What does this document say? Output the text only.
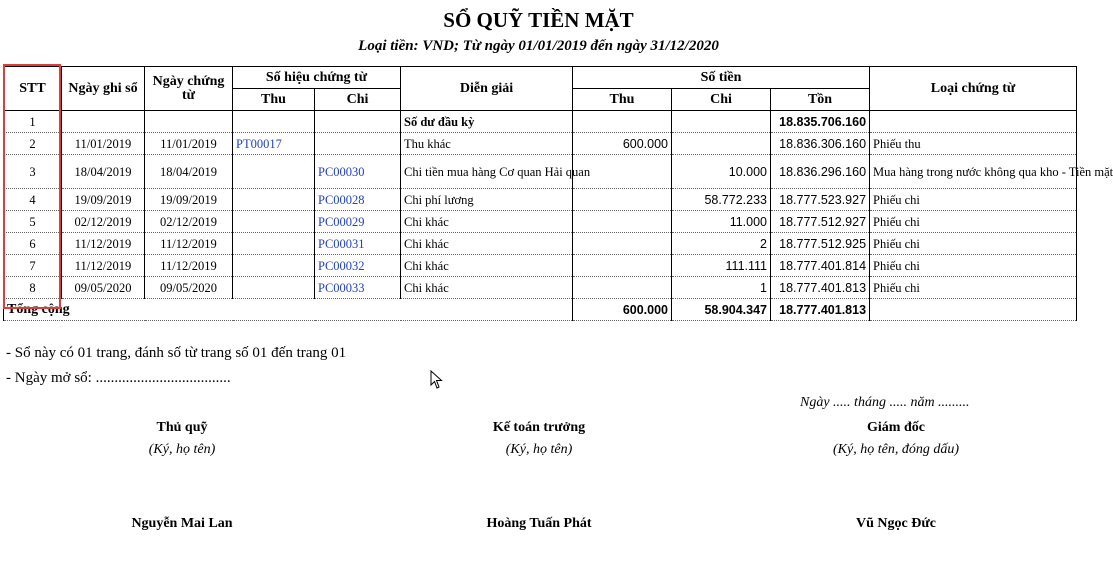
SỔ QUỸ TIỀN MẶT
Loại tiền: VND; Từ ngày 01/01/2019 đến ngày 31/12/2020
STT	Ngày ghi sổ	Ngày chứng từ	Số hiệu chứng từ		Diễn giải	Số tiền			Loại chứng từ
			Thu	Chi		Thu	Chi	Tồn	
1					Số dư đầu kỳ			18.835.706.160	
2	11/01/2019	11/01/2019	PT00017		Thu khác	600.000		18.836.306.160	Phiếu thu
3	18/04/2019	18/04/2019		PC00030	Chi tiền mua hàng Cơ quan Hải quan		10.000	18.836.296.160	Mua hàng trong nước không qua kho - Tiền mặt
4	19/09/2019	19/09/2019		PC00028	Chi phí lương		58.772.233	18.777.523.927	Phiếu chi
5	02/12/2019	02/12/2019		PC00029	Chi khác		11.000	18.777.512.927	Phiếu chi
6	11/12/2019	11/12/2019		PC00031	Chi khác		2	18.777.512.925	Phiếu chi
7	11/12/2019	11/12/2019		PC00032	Chi khác		111.111	18.777.401.814	Phiếu chi
8	09/05/2020	09/05/2020		PC00033	Chi khác		1	18.777.401.813	Phiếu chi
Tổng cộng						600.000	58.904.347	18.777.401.813	
- Sổ này có 01 trang, đánh số từ trang số 01 đến trang 01
- Ngày mở sổ: ....................................
Ngày ..... tháng ..... năm .........
Thủ quỹ
(Ký, họ tên)
Nguyễn Mai Lan
Kế toán trưởng
(Ký, họ tên)
Hoàng Tuấn Phát
Giám đốc
(Ký, họ tên, đóng dấu)
Vũ Ngọc Đức
